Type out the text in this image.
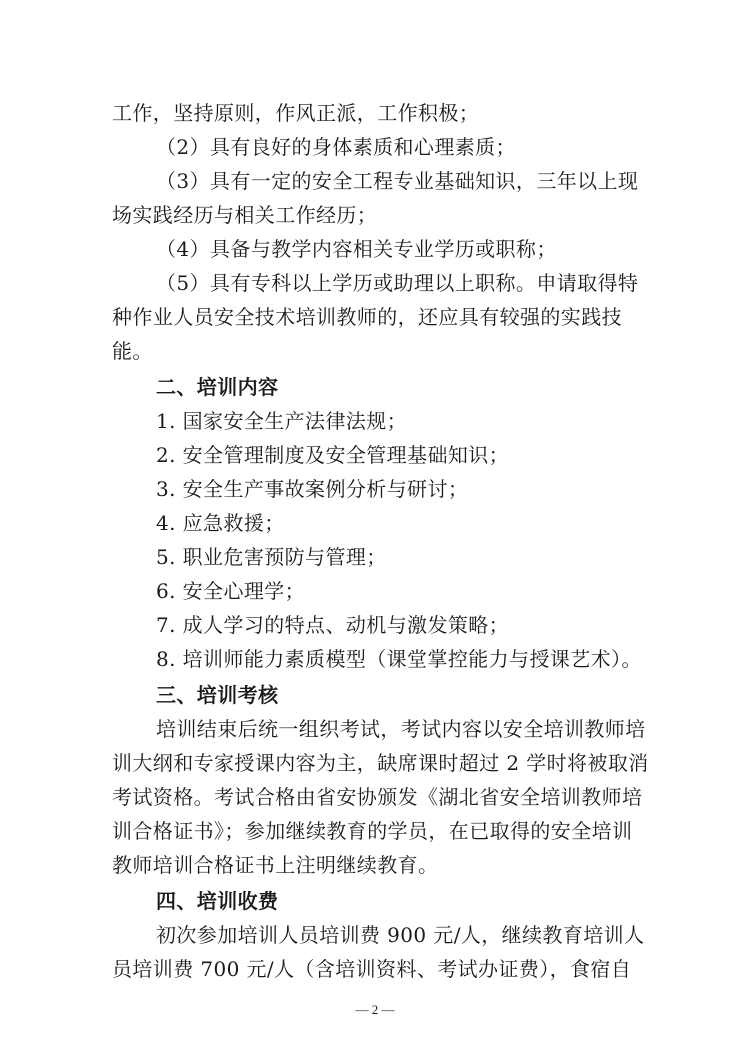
工作，坚持原则，作风正派，工作积极；
（2）具有良好的身体素质和心理素质；
（3）具有一定的安全工程专业基础知识，三年以上现
场实践经历与相关工作经历；
（4）具备与教学内容相关专业学历或职称；
（5）具有专科以上学历或助理以上职称。申请取得特
种作业人员安全技术培训教师的，还应具有较强的实践技
能。
二、培训内容
1. 国家安全生产法律法规；
2. 安全管理制度及安全管理基础知识；
3. 安全生产事故案例分析与研讨；
4. 应急救援；
5. 职业危害预防与管理；
6. 安全心理学；
7. 成人学习的特点、动机与激发策略；
8. 培训师能力素质模型（课堂掌控能力与授课艺术）。
三、培训考核
培训结束后统一组织考试，考试内容以安全培训教师培
训大纲和专家授课内容为主，缺席课时超过 2 学时将被取消
考试资格。考试合格由省安协颁发《湖北省安全培训教师培
训合格证书》；参加继续教育的学员，在已取得的安全培训
教师培训合格证书上注明继续教育。
四、培训收费
初次参加培训人员培训费 900 元/人，继续教育培训人
员培训费 700 元/人（含培训资料、考试办证费），食宿自
— 2 —
